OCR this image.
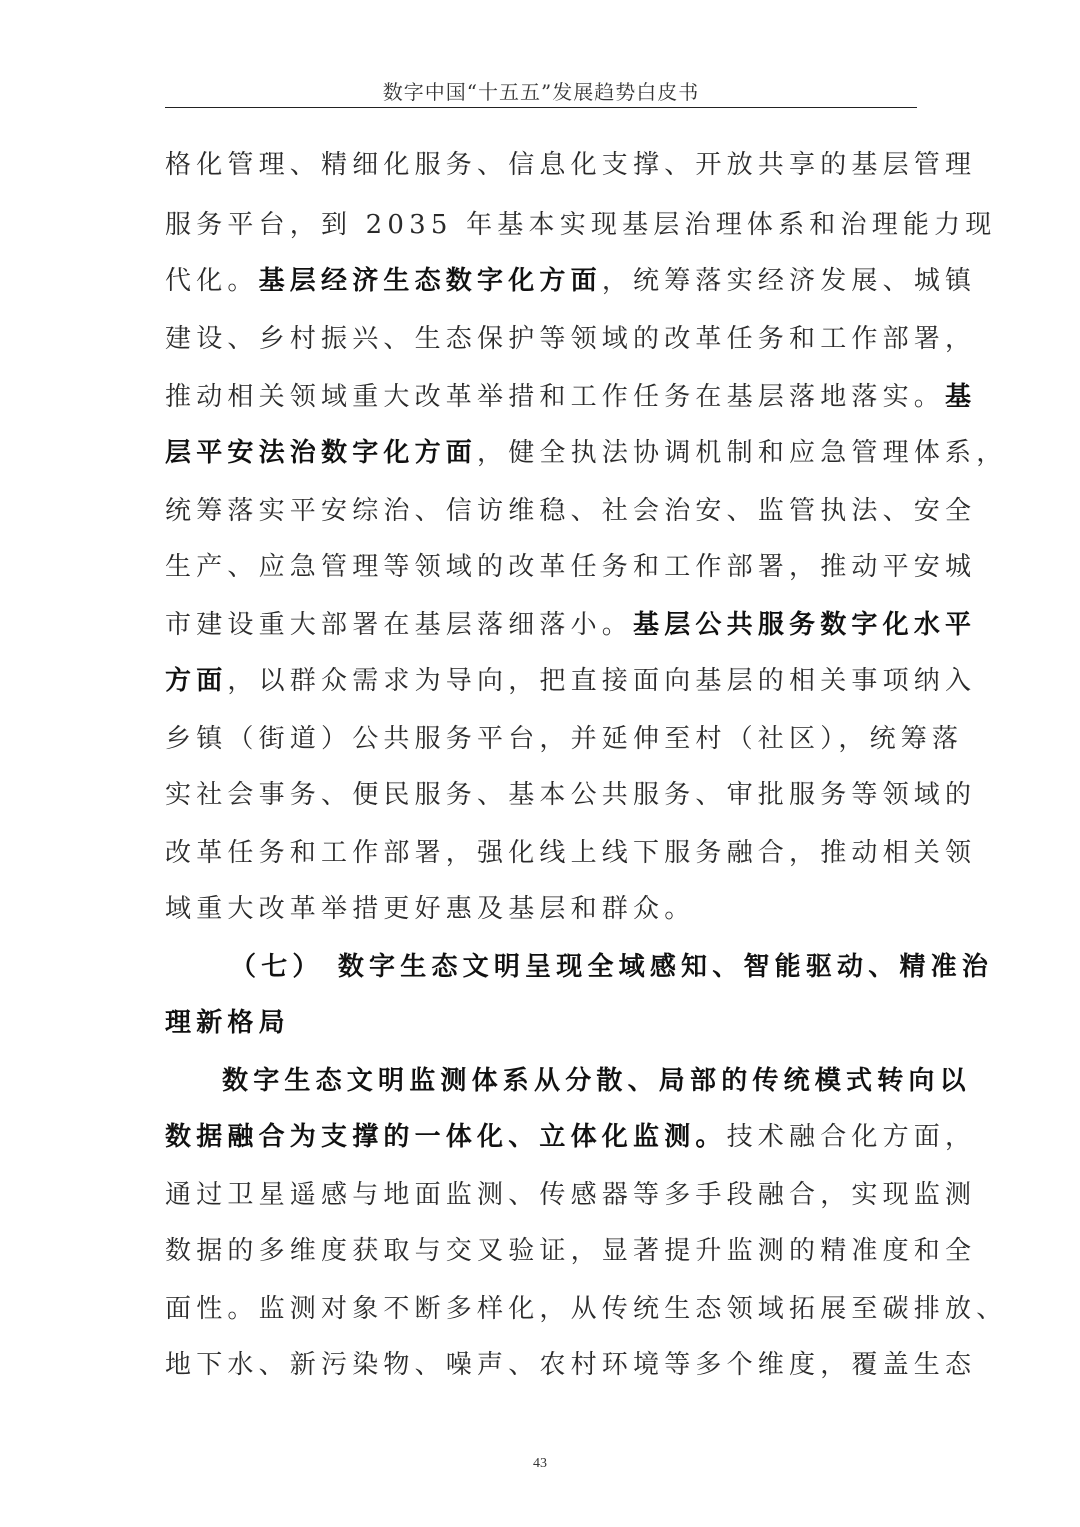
数字中国“十五五”发展趋势白皮书
格化管理、精细化服务、信息化支撑、开放共享的基层管理
服务平台，到 2035 年基本实现基层治理体系和治理能力现
代化。基层经济生态数字化方面，统筹落实经济发展、城镇
建设、乡村振兴、生态保护等领域的改革任务和工作部署，
推动相关领域重大改革举措和工作任务在基层落地落实。基
层平安法治数字化方面，健全执法协调机制和应急管理体系，
统筹落实平安综治、信访维稳、社会治安、监管执法、安全
生产、应急管理等领域的改革任务和工作部署，推动平安城
市建设重大部署在基层落细落小。基层公共服务数字化水平
方面，以群众需求为导向，把直接面向基层的相关事项纳入
乡镇（街道）公共服务平台，并延伸至村（社区），统筹落
实社会事务、便民服务、基本公共服务、审批服务等领域的
改革任务和工作部署，强化线上线下服务融合，推动相关领
域重大改革举措更好惠及基层和群众。
（七） 数字生态文明呈现全域感知、智能驱动、精准治
理新格局
数字生态文明监测体系从分散、局部的传统模式转向以
数据融合为支撑的一体化、立体化监测。技术融合化方面，
通过卫星遥感与地面监测、传感器等多手段融合，实现监测
数据的多维度获取与交叉验证，显著提升监测的精准度和全
面性。监测对象不断多样化，从传统生态领域拓展至碳排放、
地下水、新污染物、噪声、农村环境等多个维度，覆盖生态
43
